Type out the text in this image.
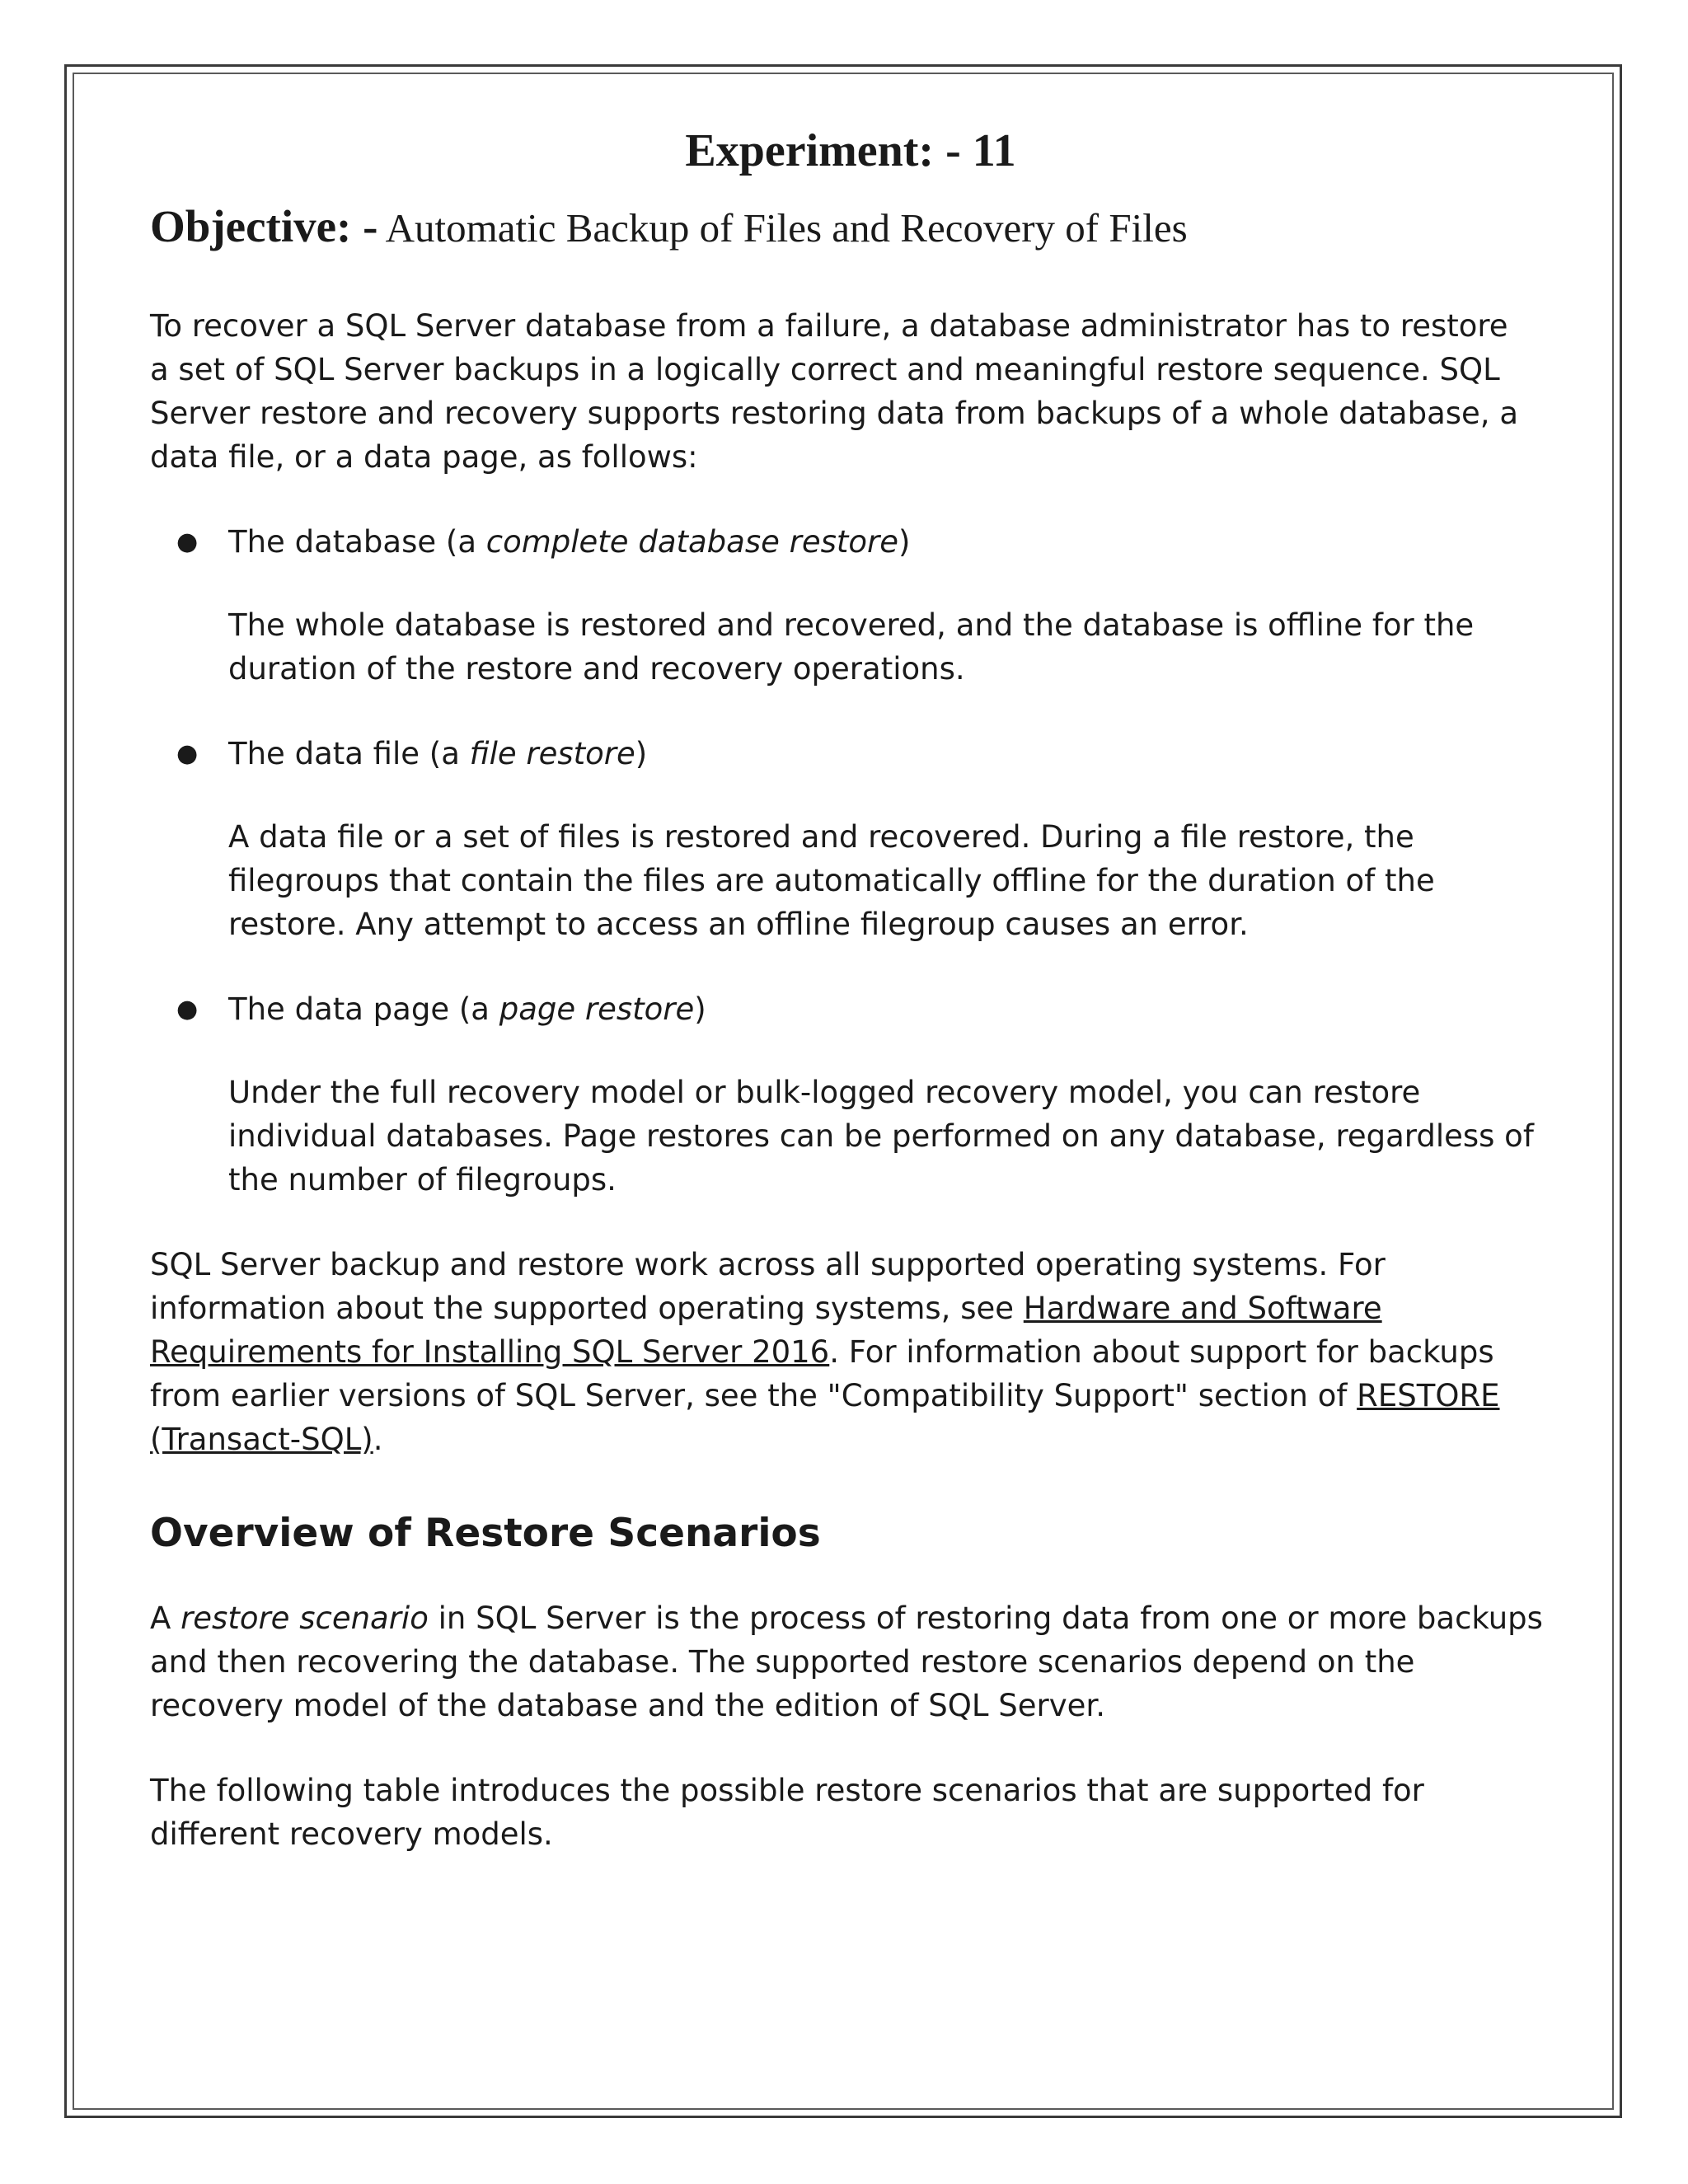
Experiment: - 11
Objective: - Automatic Backup of Files and Recovery of Files

To recover a SQL Server database from a failure, a database administrator has to restore a set of SQL Server backups in a logically correct and meaningful restore sequence. SQL Server restore and recovery supports restoring data from backups of a whole database, a data file, or a data page, as follows:

● The database (a complete database restore)
The whole database is restored and recovered, and the database is offline for the duration of the restore and recovery operations.
● The data file (a file restore)
A data file or a set of files is restored and recovered. During a file restore, the filegroups that contain the files are automatically offline for the duration of the restore. Any attempt to access an offline filegroup causes an error.
● The data page (a page restore)
Under the full recovery model or bulk-logged recovery model, you can restore individual databases. Page restores can be performed on any database, regardless of the number of filegroups.

SQL Server backup and restore work across all supported operating systems. For information about the supported operating systems, see Hardware and Software Requirements for Installing SQL Server 2016. For information about support for backups from earlier versions of SQL Server, see the "Compatibility Support" section of RESTORE (Transact-SQL).

Overview of Restore Scenarios

A restore scenario in SQL Server is the process of restoring data from one or more backups and then recovering the database. The supported restore scenarios depend on the recovery model of the database and the edition of SQL Server.

The following table introduces the possible restore scenarios that are supported for different recovery models.
